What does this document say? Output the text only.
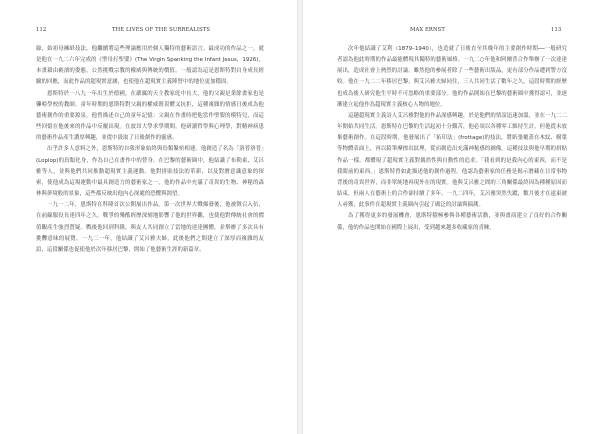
112	THE LIVES OF THE SURREALISTS

綠，始祖母擁紙技法，他繼續將這些理論應用於個人獨特的藝術語言。最成功的作品之一，就是他在一九二六年完成的《聖母打聖嬰》(The Virgin Spanking the Infant Jesus，1926)，本畫藉由褻瀆的姿態，公然挑戰宗教的權威與傳統的價值。一般認為這是恩斯特對自身成長經驗的回應，而此作品的超現實意涵，也使他在超現實主義陣營中的地位更加穩固。

恩斯特於一八九一年出生於德國，在嚴厲的天主教家庭中長大，他的父親是業餘畫家也是聾啞學校的教師。童年時期的恩斯特對父親的權威既畏懼又抗拒，這種複雜的情感日後成為他藝術創作的重要源泉。他曾描述自己的童年記憶：父親在作畫時把他當作聖嬰的模特兒，而這些回憶在他後來的作品中反覆出現。在波昂大學求學期間，他研讀哲學與心理學，對精神病患的藝術作品產生濃厚興趣，並從中汲取了日後創作的靈感。

出乎許多人意料之外，恩斯特的自我形象始終與鳥類緊密相連。他創造了名為「洛普洛普」(Loplop)的鳥類化身，作為自己在畫作中的替身。在巴黎的藝術圈中，他結識了布勒東、艾呂雅等人，並與他們共同推動超現實主義運動。他對拼貼技法的革新，以及對潛意識意象的探索，使他成為這場運動中最具創造力的藝術家之一。他的作品中充滿了奇異的生物、神秘的森林與夢境般的景象，這些都反映出他內心深處的恐懼與渴望。

一九一二年，恩斯特在科隆首次公開展出作品。第一次世界大戰爆發後，他被徵召入伍，在前線服役長達四年之久。戰爭的殘酷經歷深刻地影響了他的世界觀，也使他對傳統社會的價值觀產生強烈質疑。戰後他回到科隆，與友人共同創立了當地的達達團體，並舉辦了多次具有挑釁意味的展覽。一九二一年，他結識了艾呂雅夫婦，此後他們之間建立了深厚而複雜的友誼，這段關係也促使他於次年移居巴黎，開始了他藝術生涯的新篇章。

MAX ERNST	113

次年他結識了艾利（1879–1940），也造就了日後直至其晚年的主要創作時期──一般研究者認為他此時期的作品最能體現其獨特的藝術風格。一九二○年他和阿爾普合作舉辦了一次達達展出，造成社會上熱烈的討論。雖然他的參展者除了一些藝術出版品，更有部分作品遭到警方沒收。他在一九二二年移居巴黎，與艾呂雅夫婦同住，三人共同生活了數年之久，這段時期的經歷也成為後人研究他生平時不可忽略的重要部分。他的作品開始在巴黎的藝術圈中獲得認可，並逐漸建立起他作為超現實主義核心人物的地位。

這趟超現實主義詩人艾呂雅對他的作品深感興趣，於是他們的情誼迅速加溫，並在一九二二年開始共同生活。恩斯特在巴黎的生活起初十分艱苦，他必須以各種零工維持生計，但他從未放棄藝術創作。在這段時期，他發展出了「拓印法」(frottage)的技法，將紙張覆蓋在木紋、樹葉等物體表面上，再以鉛筆摩擦出紋理，從而創造出充滿神秘感的圖像。這種技法與他早期的拼貼作品一樣，都體現了超現實主義對偶然性與自動性的追求。「我看到的是我內心的東西，而不是我眼前的東西。」恩斯特曾如此描述他的創作過程。他認為藝術家的任務是揭示潛藏在日常事物背後的奇異世界，而非單純地再現外在的現實。他與艾呂雅之間的三角關係最終因為種種原因而結束，但兩人在藝術上的合作卻持續了多年。一九二四年，艾呂雅突然失蹤，數月後才在遠東被人尋獲，此事件在超現實主義圈內引起了廣泛的討論與揣測。

為了獲得更多的發展機會，恩斯特積極參與各種藝術活動，並與畫商建立了良好的合作關係，他的作品也開始在國際上展出，受到越來越多收藏家的青睞。
